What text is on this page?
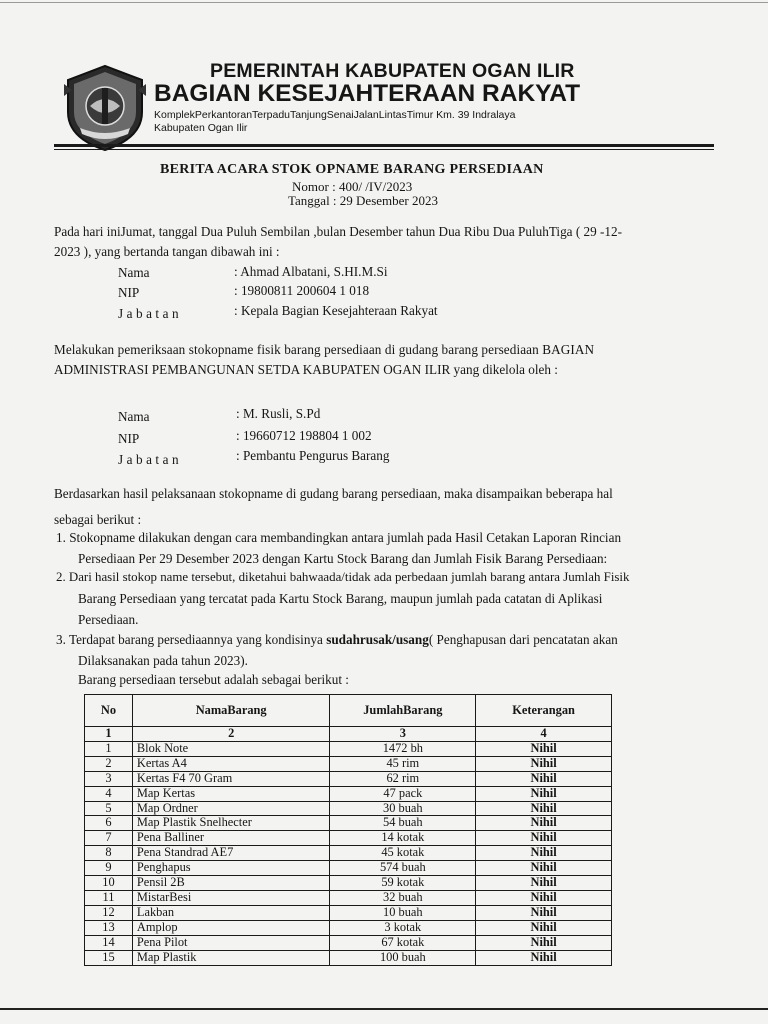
PEMERINTAH KABUPATEN OGAN ILIR
BAGIAN KESEJAHTERAAN RAKYAT
KomplekPerkantoranTerpaduTanjungSenaiJalanLintasTimur Km. 39 Indralaya
Kabupaten Ogan Ilir
BERITA ACARA STOK OPNAME BARANG PERSEDIAAN
Nomor : 400/ /IV/2023
Tanggal : 29 Desember 2023
Pada hari iniJumat, tanggal Dua Puluh Sembilan ,bulan Desember tahun Dua Ribu Dua PuluhTiga ( 29 -12-
2023 ), yang bertanda tangan dibawah ini :
Nama	: Ahmad Albatani, S.HI.M.Si
NIP	: 19800811 200604 1 018
Jabatan	: Kepala Bagian Kesejahteraan Rakyat
Melakukan pemeriksaan stokopname fisik barang persediaan di gudang barang persediaan BAGIAN
ADMINISTRASI PEMBANGUNAN SETDA KABUPATEN OGAN ILIR yang dikelola oleh :
Nama	: M. Rusli, S.Pd
NIP	: 19660712 198804 1 002
Jabatan	: Pembantu Pengurus Barang
Berdasarkan hasil pelaksanaan stokopname di gudang barang persediaan, maka disampaikan beberapa hal
sebagai berikut :
1. Stokopname dilakukan dengan cara membandingkan antara jumlah pada Hasil Cetakan Laporan Rincian
Persediaan Per 29 Desember 2023 dengan Kartu Stock Barang dan Jumlah Fisik Barang Persediaan:
2. Dari hasil stokop name tersebut, diketahui bahwaada/tidak ada perbedaan jumlah barang antara Jumlah Fisik
Barang Persediaan yang tercatat pada Kartu Stock Barang, maupun jumlah pada catatan di Aplikasi
Persediaan.
3. Terdapat barang persediaannya yang kondisinya sudahrusak/usang( Penghapusan dari pencatatan akan
Dilaksanakan pada tahun 2023).
Barang persediaan tersebut adalah sebagai berikut :
No	NamaBarang	JumlahBarang	Keterangan
1	2	3	4
1	Blok Note	1472 bh	Nihil
2	Kertas A4	45 rim	Nihil
3	Kertas F4 70 Gram	62 rim	Nihil
4	Map Kertas	47 pack	Nihil
5	Map Ordner	30 buah	Nihil
6	Map Plastik Snelhecter	54 buah	Nihil
7	Pena Balliner	14 kotak	Nihil
8	Pena Standrad AE7	45 kotak	Nihil
9	Penghapus	574 buah	Nihil
10	Pensil 2B	59 kotak	Nihil
11	MistarBesi	32 buah	Nihil
12	Lakban	10 buah	Nihil
13	Amplop	3 kotak	Nihil
14	Pena Pilot	67 kotak	Nihil
15	Map Plastik	100 buah	Nihil
